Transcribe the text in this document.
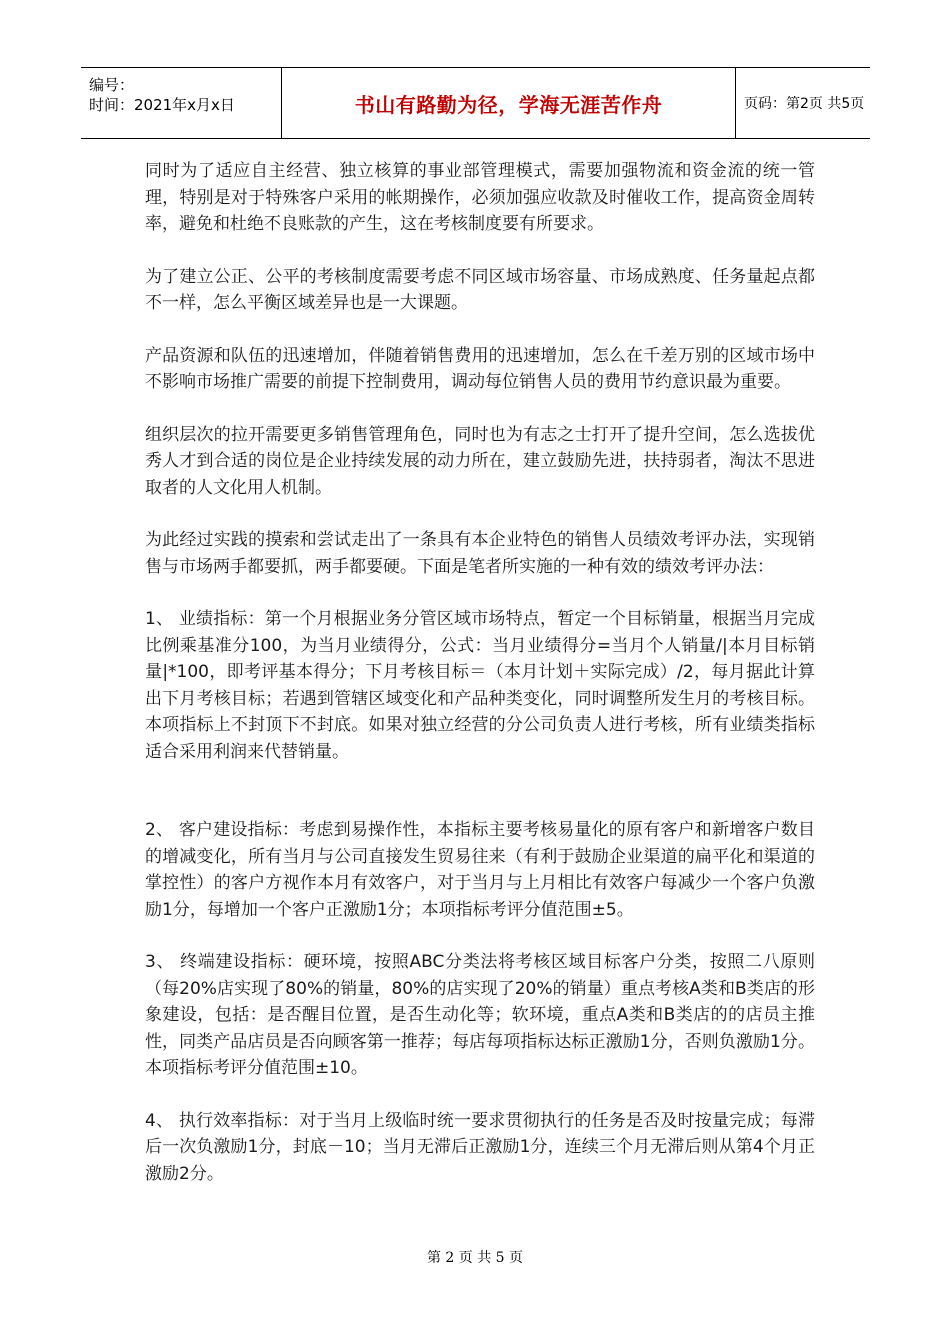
编号：
时间：2021年x月x日	书山有路勤为径，学海无涯苦作舟	页码：第2页 共5页

同时为了适应自主经营、独立核算的事业部管理模式，需要加强物流和资金流的统一管理，特别是对于特殊客户采用的帐期操作，必须加强应收款及时催收工作，提高资金周转率，避免和杜绝不良账款的产生，这在考核制度要有所要求。

为了建立公正、公平的考核制度需要考虑不同区域市场容量、市场成熟度、任务量起点都不一样，怎么平衡区域差异也是一大课题。

产品资源和队伍的迅速增加，伴随着销售费用的迅速增加，怎么在千差万别的区域市场中不影响市场推广需要的前提下控制费用，调动每位销售人员的费用节约意识最为重要。

组织层次的拉开需要更多销售管理角色，同时也为有志之士打开了提升空间，怎么选拔优秀人才到合适的岗位是企业持续发展的动力所在，建立鼓励先进，扶持弱者，淘汰不思进取者的人文化用人机制。

为此经过实践的摸索和尝试走出了一条具有本企业特色的销售人员绩效考评办法，实现销售与市场两手都要抓，两手都要硬。下面是笔者所实施的一种有效的绩效考评办法：

1、 业绩指标：第一个月根据业务分管区域市场特点，暂定一个目标销量，根据当月完成比例乘基准分100，为当月业绩得分，公式：当月业绩得分=当月个人销量/|本月目标销量|*100，即考评基本得分；下月考核目标＝（本月计划＋实际完成）/2，每月据此计算出下月考核目标；若遇到管辖区域变化和产品种类变化，同时调整所发生月的考核目标。本项指标上不封顶下不封底。如果对独立经营的分公司负责人进行考核，所有业绩类指标适合采用利润来代替销量。

2、 客户建设指标：考虑到易操作性，本指标主要考核易量化的原有客户和新增客户数目的增减变化，所有当月与公司直接发生贸易往来（有利于鼓励企业渠道的扁平化和渠道的掌控性）的客户方视作本月有效客户，对于当月与上月相比有效客户每减少一个客户负激励1分，每增加一个客户正激励1分；本项指标考评分值范围±5。

3、 终端建设指标：硬环境，按照ABC分类法将考核区域目标客户分类，按照二八原则（每20%店实现了80%的销量，80%的店实现了20%的销量）重点考核A类和B类店的形象建设，包括：是否醒目位置，是否生动化等；软环境，重点A类和B类店的的店员主推性，同类产品店员是否向顾客第一推荐；每店每项指标达标正激励1分，否则负激励1分。本项指标考评分值范围±10。

4、 执行效率指标：对于当月上级临时统一要求贯彻执行的任务是否及时按量完成；每滞后一次负激励1分，封底－10；当月无滞后正激励1分，连续三个月无滞后则从第4个月正激励2分。

第 2 页 共 5 页
